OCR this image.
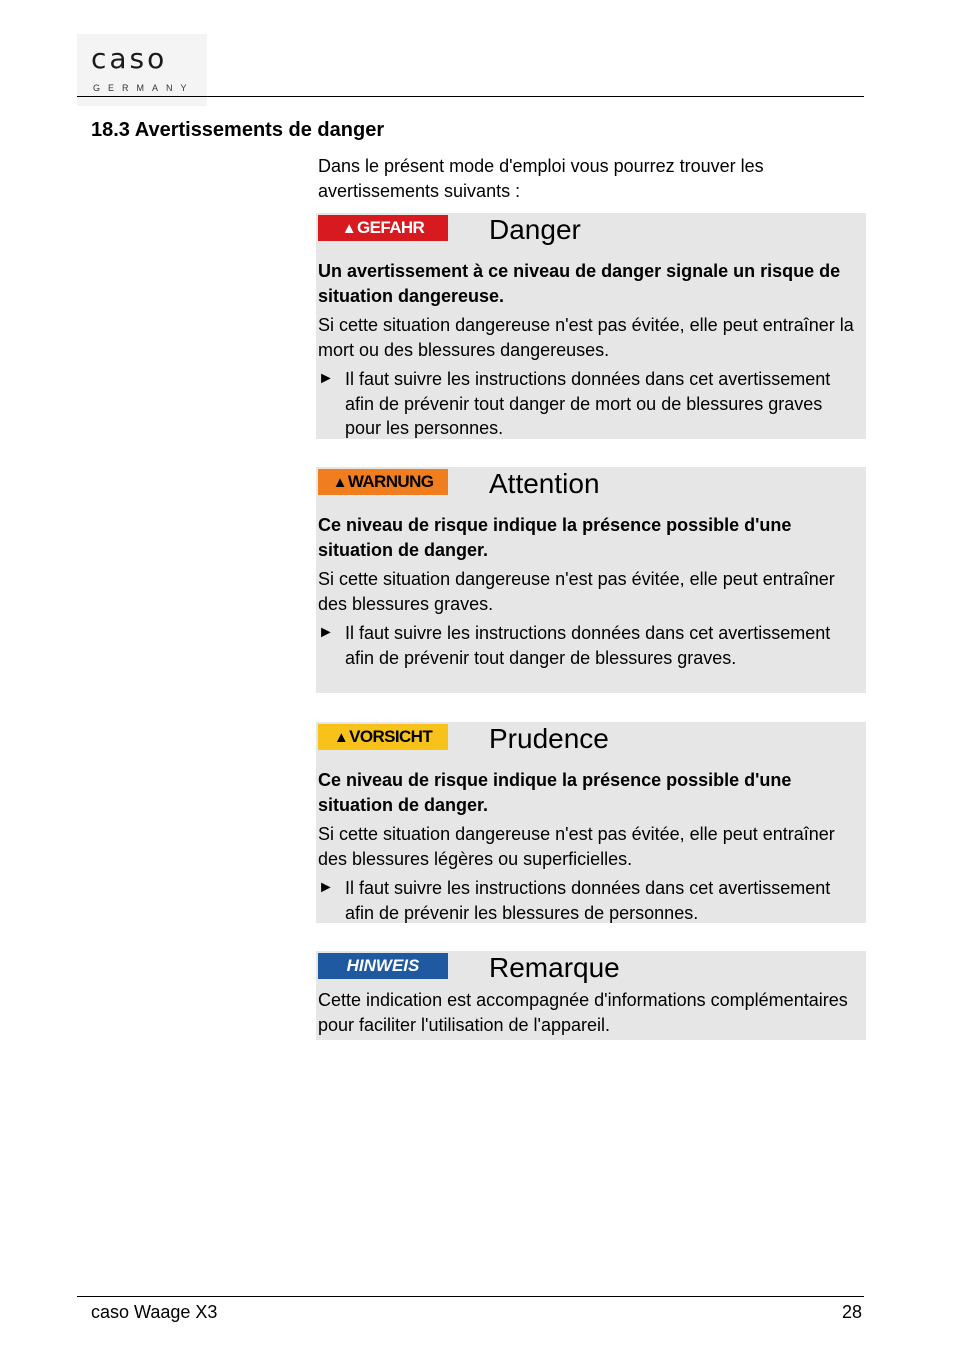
caso
GERMANY
18.3 Avertissements de danger
Dans le présent mode d'emploi vous pourrez trouver les avertissements suivants :
▲ GEFAHR Danger

Un avertissement à ce niveau de danger signale un risque de situation dangereuse.

Si cette situation dangereuse n'est pas évitée, elle peut entraîner la mort ou des blessures dangereuses.

► Il faut suivre les instructions données dans cet avertissement afin de prévenir tout danger de mort ou de blessures graves pour les personnes.
▲ WARNUNG Attention

Ce niveau de risque indique la présence possible d'une situation de danger.

Si cette situation dangereuse n'est pas évitée, elle peut entraîner des blessures graves.

► Il faut suivre les instructions données dans cet avertissement afin de prévenir tout danger de blessures graves.
▲ VORSICHT Prudence

Ce niveau de risque indique la présence possible d'une situation de danger.

Si cette situation dangereuse n'est pas évitée, elle peut entraîner des blessures légères ou superficielles.

► Il faut suivre les instructions données dans cet avertissement afin de prévenir les blessures de personnes.
HINWEIS Remarque

Cette indication est accompagnée d'informations complémentaires pour faciliter l'utilisation de l'appareil.

caso Waage X3	28
